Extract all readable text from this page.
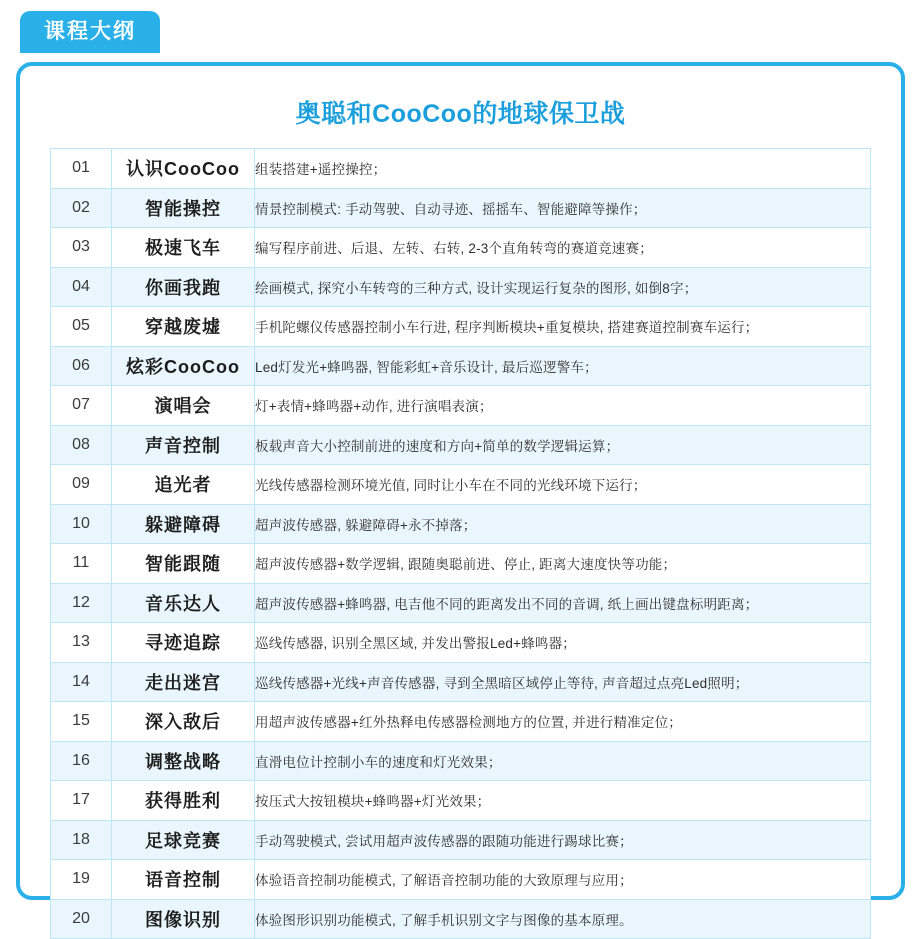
课程大纲
奥聪和CooCoo的地球保卫战
01	认识CooCoo	组装搭建+遥控操控；
02	智能操控	情景控制模式: 手动驾驶、自动寻迹、摇摇车、智能避障等操作；
03	极速飞车	编写程序前进、后退、左转、右转, 2-3个直角转弯的赛道竞速赛；
04	你画我跑	绘画模式, 探究小车转弯的三种方式, 设计实现运行复杂的图形, 如倒8字；
05	穿越废墟	手机陀螺仪传感器控制小车行进, 程序判断模块+重复模块, 搭建赛道控制赛车运行；
06	炫彩CooCoo	Led灯发光+蜂鸣器, 智能彩虹+音乐设计, 最后巡逻警车；
07	演唱会	灯+表情+蜂鸣器+动作, 进行演唱表演；
08	声音控制	板载声音大小控制前进的速度和方向+简单的数学逻辑运算；
09	追光者	光线传感器检测环境光值, 同时让小车在不同的光线环境下运行；
10	躲避障碍	超声波传感器, 躲避障碍+永不掉落；
11	智能跟随	超声波传感器+数学逻辑, 跟随奥聪前进、停止, 距离大速度快等功能；
12	音乐达人	超声波传感器+蜂鸣器, 电吉他不同的距离发出不同的音调, 纸上画出键盘标明距离；
13	寻迹追踪	巡线传感器, 识别全黑区域, 并发出警报Led+蜂鸣器；
14	走出迷宫	巡线传感器+光线+声音传感器, 寻到全黑暗区域停止等待, 声音超过点亮Led照明；
15	深入敌后	用超声波传感器+红外热释电传感器检测地方的位置, 并进行精准定位；
16	调整战略	直滑电位计控制小车的速度和灯光效果；
17	获得胜利	按压式大按钮模块+蜂鸣器+灯光效果；
18	足球竞赛	手动驾驶模式, 尝试用超声波传感器的跟随功能进行踢球比赛；
19	语音控制	体验语音控制功能模式, 了解语音控制功能的大致原理与应用；
20	图像识别	体验图形识别功能模式, 了解手机识别文字与图像的基本原理。
